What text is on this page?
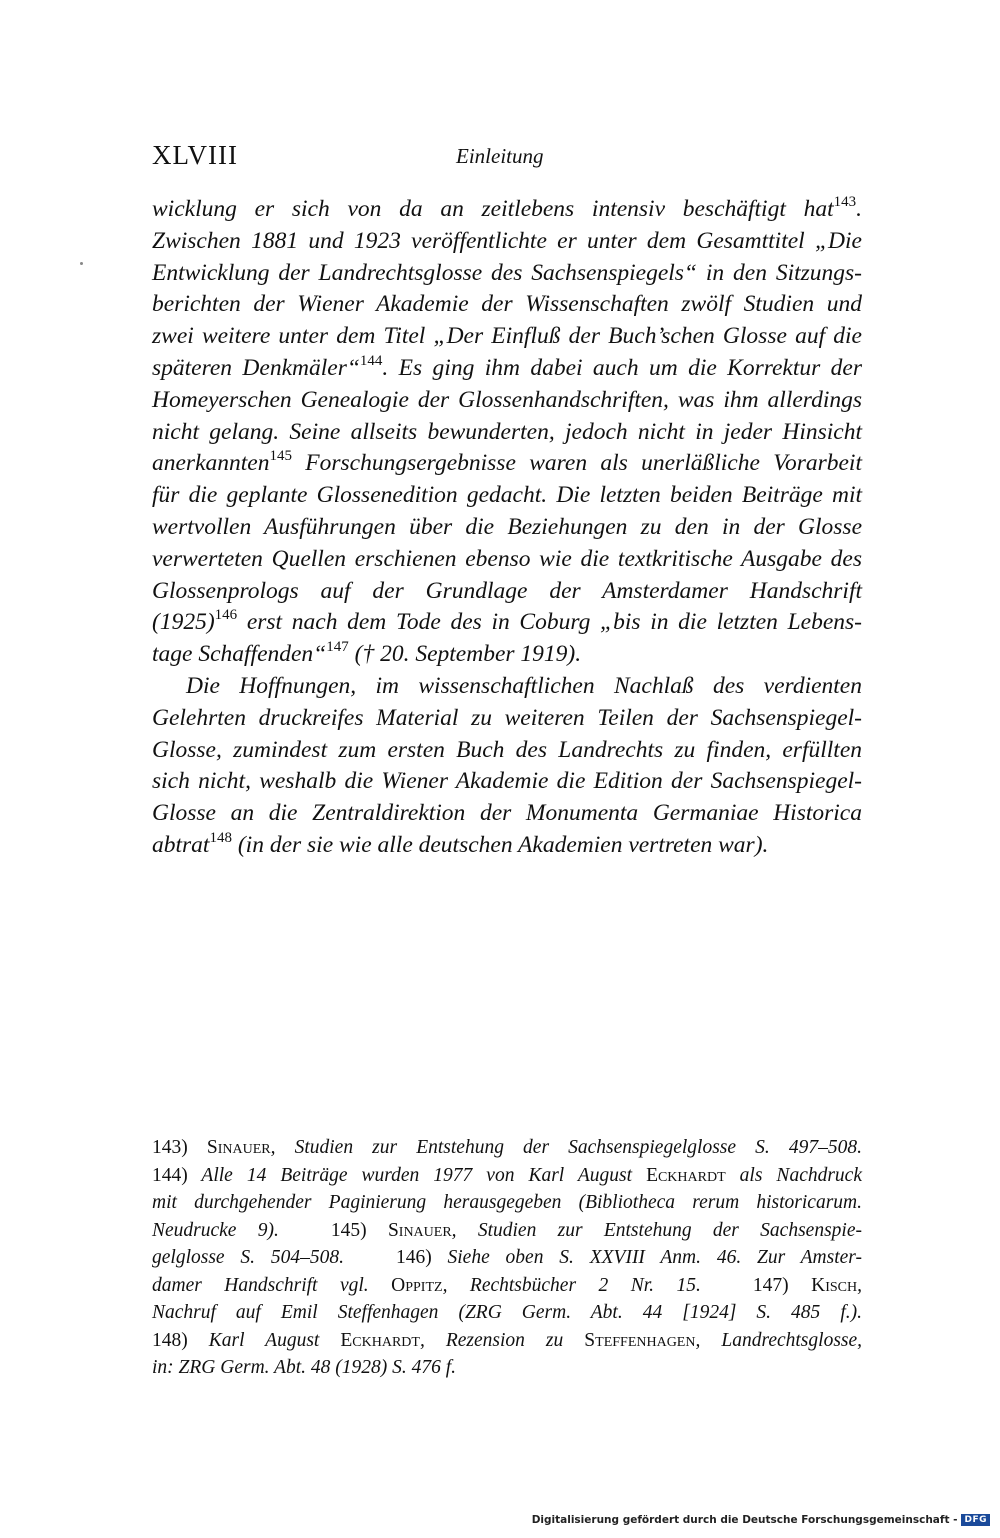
XLVIII	Einleitung
wicklung er sich von da an zeitlebens intensiv beschäftigt hat$^{143}$.
Zwischen 1881 und 1923 veröffentlichte er unter dem Gesamttitel „Die
Entwicklung der Landrechtsglosse des Sachsenspiegels“ in den Sitzungs-
berichten der Wiener Akademie der Wissenschaften zwölf Studien und
zwei weitere unter dem Titel „Der Einfluß der Buch’schen Glosse auf die
späteren Denkmäler“$^{144}$. Es ging ihm dabei auch um die Korrektur der
Homeyerschen Genealogie der Glossenhandschriften, was ihm allerdings
nicht gelang. Seine allseits bewunderten, jedoch nicht in jeder Hinsicht
anerkannten$^{145}$ Forschungsergebnisse waren als unerläßliche Vorarbeit
für die geplante Glossenedition gedacht. Die letzten beiden Beiträge mit
wertvollen Ausführungen über die Beziehungen zu den in der Glosse
verwerteten Quellen erschienen ebenso wie die textkritische Ausgabe des
Glossenprologs auf der Grundlage der Amsterdamer Handschrift
$(1925)^{146}$ erst nach dem Tode des in Coburg „bis in die letzten Lebens-
tage Schaffenden“$^{147}$ († 20. September 1919).
Die Hoffnungen, im wissenschaftlichen Nachlaß des verdienten
Gelehrten druckreifes Material zu weiteren Teilen der Sachsenspiegel-
Glosse, zumindest zum ersten Buch des Landrechts zu finden, erfüllten
sich nicht, weshalb die Wiener Akademie die Edition der Sachsenspiegel-
Glosse an die Zentraldirektion der Monumenta Germaniae Historica
abtrat$^{148}$ (in der sie wie alle deutschen Akademien vertreten war).
143) Sinauer, Studien zur Entstehung der Sachsenspiegelglosse S. 497–508.
144) Alle 14 Beiträge wurden 1977 von Karl August Eckhardt als Nachdruck
mit durchgehender Paginierung herausgegeben (Bibliotheca rerum historicarum.
Neudrucke 9).	145) Sinauer, Studien zur Entstehung der Sachsenspie-
gelglosse S. 504–508.	146) Siehe oben S. XXVIII Anm. 46. Zur Amster-
damer Handschrift vgl. Oppitz, Rechtsbücher 2 Nr. 15.	147) Kisch,
Nachruf auf Emil Steffenhagen (ZRG Germ. Abt. 44 [1924] S. 485 f.).
148) Karl August Eckhardt, Rezension zu Steffenhagen, Landrechtsglosse,
in: ZRG Germ. Abt. 48 (1928) S. 476 f.
Digitalisierung gefördert durch die Deutsche Forschungsgemeinschaft - DFG
